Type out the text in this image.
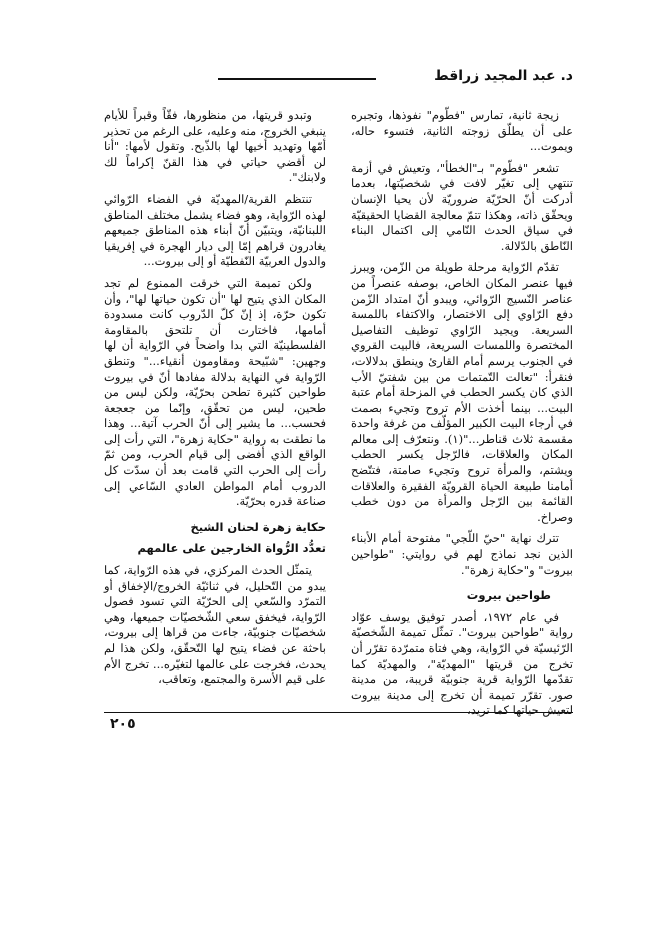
د. عبد المجيد زراقط

زيجة ثانية، تمارس "فطّوم" نفوذها، وتجبره على أن يطلّق زوجته الثانية، فتسوء حاله، ويموت...

تشعر "فطّوم" بـ"الخطأ"، وتعيش في أزمة تنتهي إلى تغيّر لافت في شخصيّتها، بعدما أدركت أنّ الحرّيّة ضروريّة لأن يحيا الإنسان ويحقّق ذاته، وهكذا تتمّ معالجة القضايا الحقيقيّة في سياق الحدث النّامي إلى اكتمال البناء النّاطق بالدّلالة.

تقدّم الرّواية مرحلة طويلة من الزّمن، ويبرز فيها عنصر المكان الخاص، بوصفه عنصراً من عناصر النّسيج الرّوائي، ويبدو أنّ امتداد الزّمن دفع الرّاوي إلى الاختصار، والاكتفاء باللمسة السريعة. ويجيد الرّاوي توظيف التفاصيل المختصرة واللمسات السريعة، فالبيت القروي في الجنوب يرسم أمام القارئ وينطق بدلالات، فنقرأ: "تعالت التّمتمات من بين شفتيّ الأب الذي كان يكسر الحطب في المزحلة أمام عتبة البيت... بينما أخذت الأم تروح وتجيء بصمت في أرجاء البيت الكبير المؤلّف من غرفة واحدة مقسمة ثلاث قناطر..."(١). ونتعرّف إلى معالم المكان والعلاقات، فالرّجل يكسر الحطب ويشتم، والمرأة تروح وتجيء صامتة، فتتّضح أمامنا طبيعة الحياة القرويّة الفقيرة والعلاقات القائمة بين الرّجل والمرأة من دون خطب وصراخ.

تترك نهاية "حيّ اللّجي" مفتوحة أمام الأبناء الذين نجد نماذج لهم في روايتي: "طواحين بيروت" و"حكاية زهرة".

طواحين بيروت

في عام ١٩٧٢، أصدر توفيق يوسف عوّاد رواية "طواحين بيروت". تمثّل تميمة الشّخصيّة الرّئيسيّة في الرّواية، وهي فتاة متمرّدة تقرّر أن تخرج من قريتها "المهديّة"، والمهديّة كما تقدّمها الرّواية قرية جنوبيّة قريبة، من مدينة صور. تقرّر تميمة أن تخرج إلى مدينة بيروت لتعيش حياتها كما تريد،

وتبدو قريتها، من منظورها، فقّاً وقبراً للأيام ينبغي الخروج، منه وعليه، على الرغم من تحذير أمّها وتهديد أخيها لها بالذّبح. وتقول لأمها: "أنا لن أقضي حياتي في هذا القنّ إكراماً لك ولابنك".

تنتظم القرية/المهديّة في الفضاء الرّوائي لهذه الرّواية، وهو فضاء يشمل مختلف المناطق اللبنانيّة، ويتبيّن أنّ أبناء هذه المناطق جميعهم يغادرون قراهم إمّا إلى ديار الهجرة في إفريقيا والدول العربيّة النّفطيّة أو إلى بيروت...

ولكن تميمة التي خرقت الممنوع لم تجد المكان الذي يتيح لها "أن تكون حياتها لها"، وأن تكون حرّة، إذ إنّ كلّ الدّروب كانت مسدودة أمامها، فاختارت أن تلتحق بالمقاومة الفلسطينيّة التي بدا واضحاً في الرّواية أن لها وجهين: "شبّيحة ومقاومون أنقياء..." وتنطق الرّواية في النهاية بدلالة مفادها أنّ في بيروت طواحين كثيرة تطحن بحرّيّة، ولكن ليس من طحين، ليس من تحقّق، وإنّما من جعجعة فحسب... ما يشير إلى أنّ الحرب آتية... وهذا ما نطقت به رواية "حكاية زهرة"، التي رأت إلى الواقع الذي أفضى إلى قيام الحرب، ومن ثمّ رأت إلى الحرب التي قامت بعد أن سدّت كل الدروب أمام المواطن العادي السّاعي إلى صناعة قدره بحرّيّة.

حكاية زهرة لحنان الشيخ
تعدُّد الرُّواة الخارجين على عالمهم

يتمثّل الحدث المركزي، في هذه الرّواية، كما يبدو من التّحليل، في ثنائيّة الخروج/الإخفاق أو التمرّد والسّعي إلى الحرّيّة التي تسود فصول الرّواية، فيخفق سعي الشّخصيّات جميعها، وهي شخصيّات جنوبيّة، جاءت من قراها إلى بيروت، باحثة عن فضاء يتيح لها التّحقّق، ولكن هذا لم يحدث، فخرجت على عالمها لتغيّره... تخرج الأم على قيم الأسرة والمجتمع، وتعاقب،

٢٠٥
